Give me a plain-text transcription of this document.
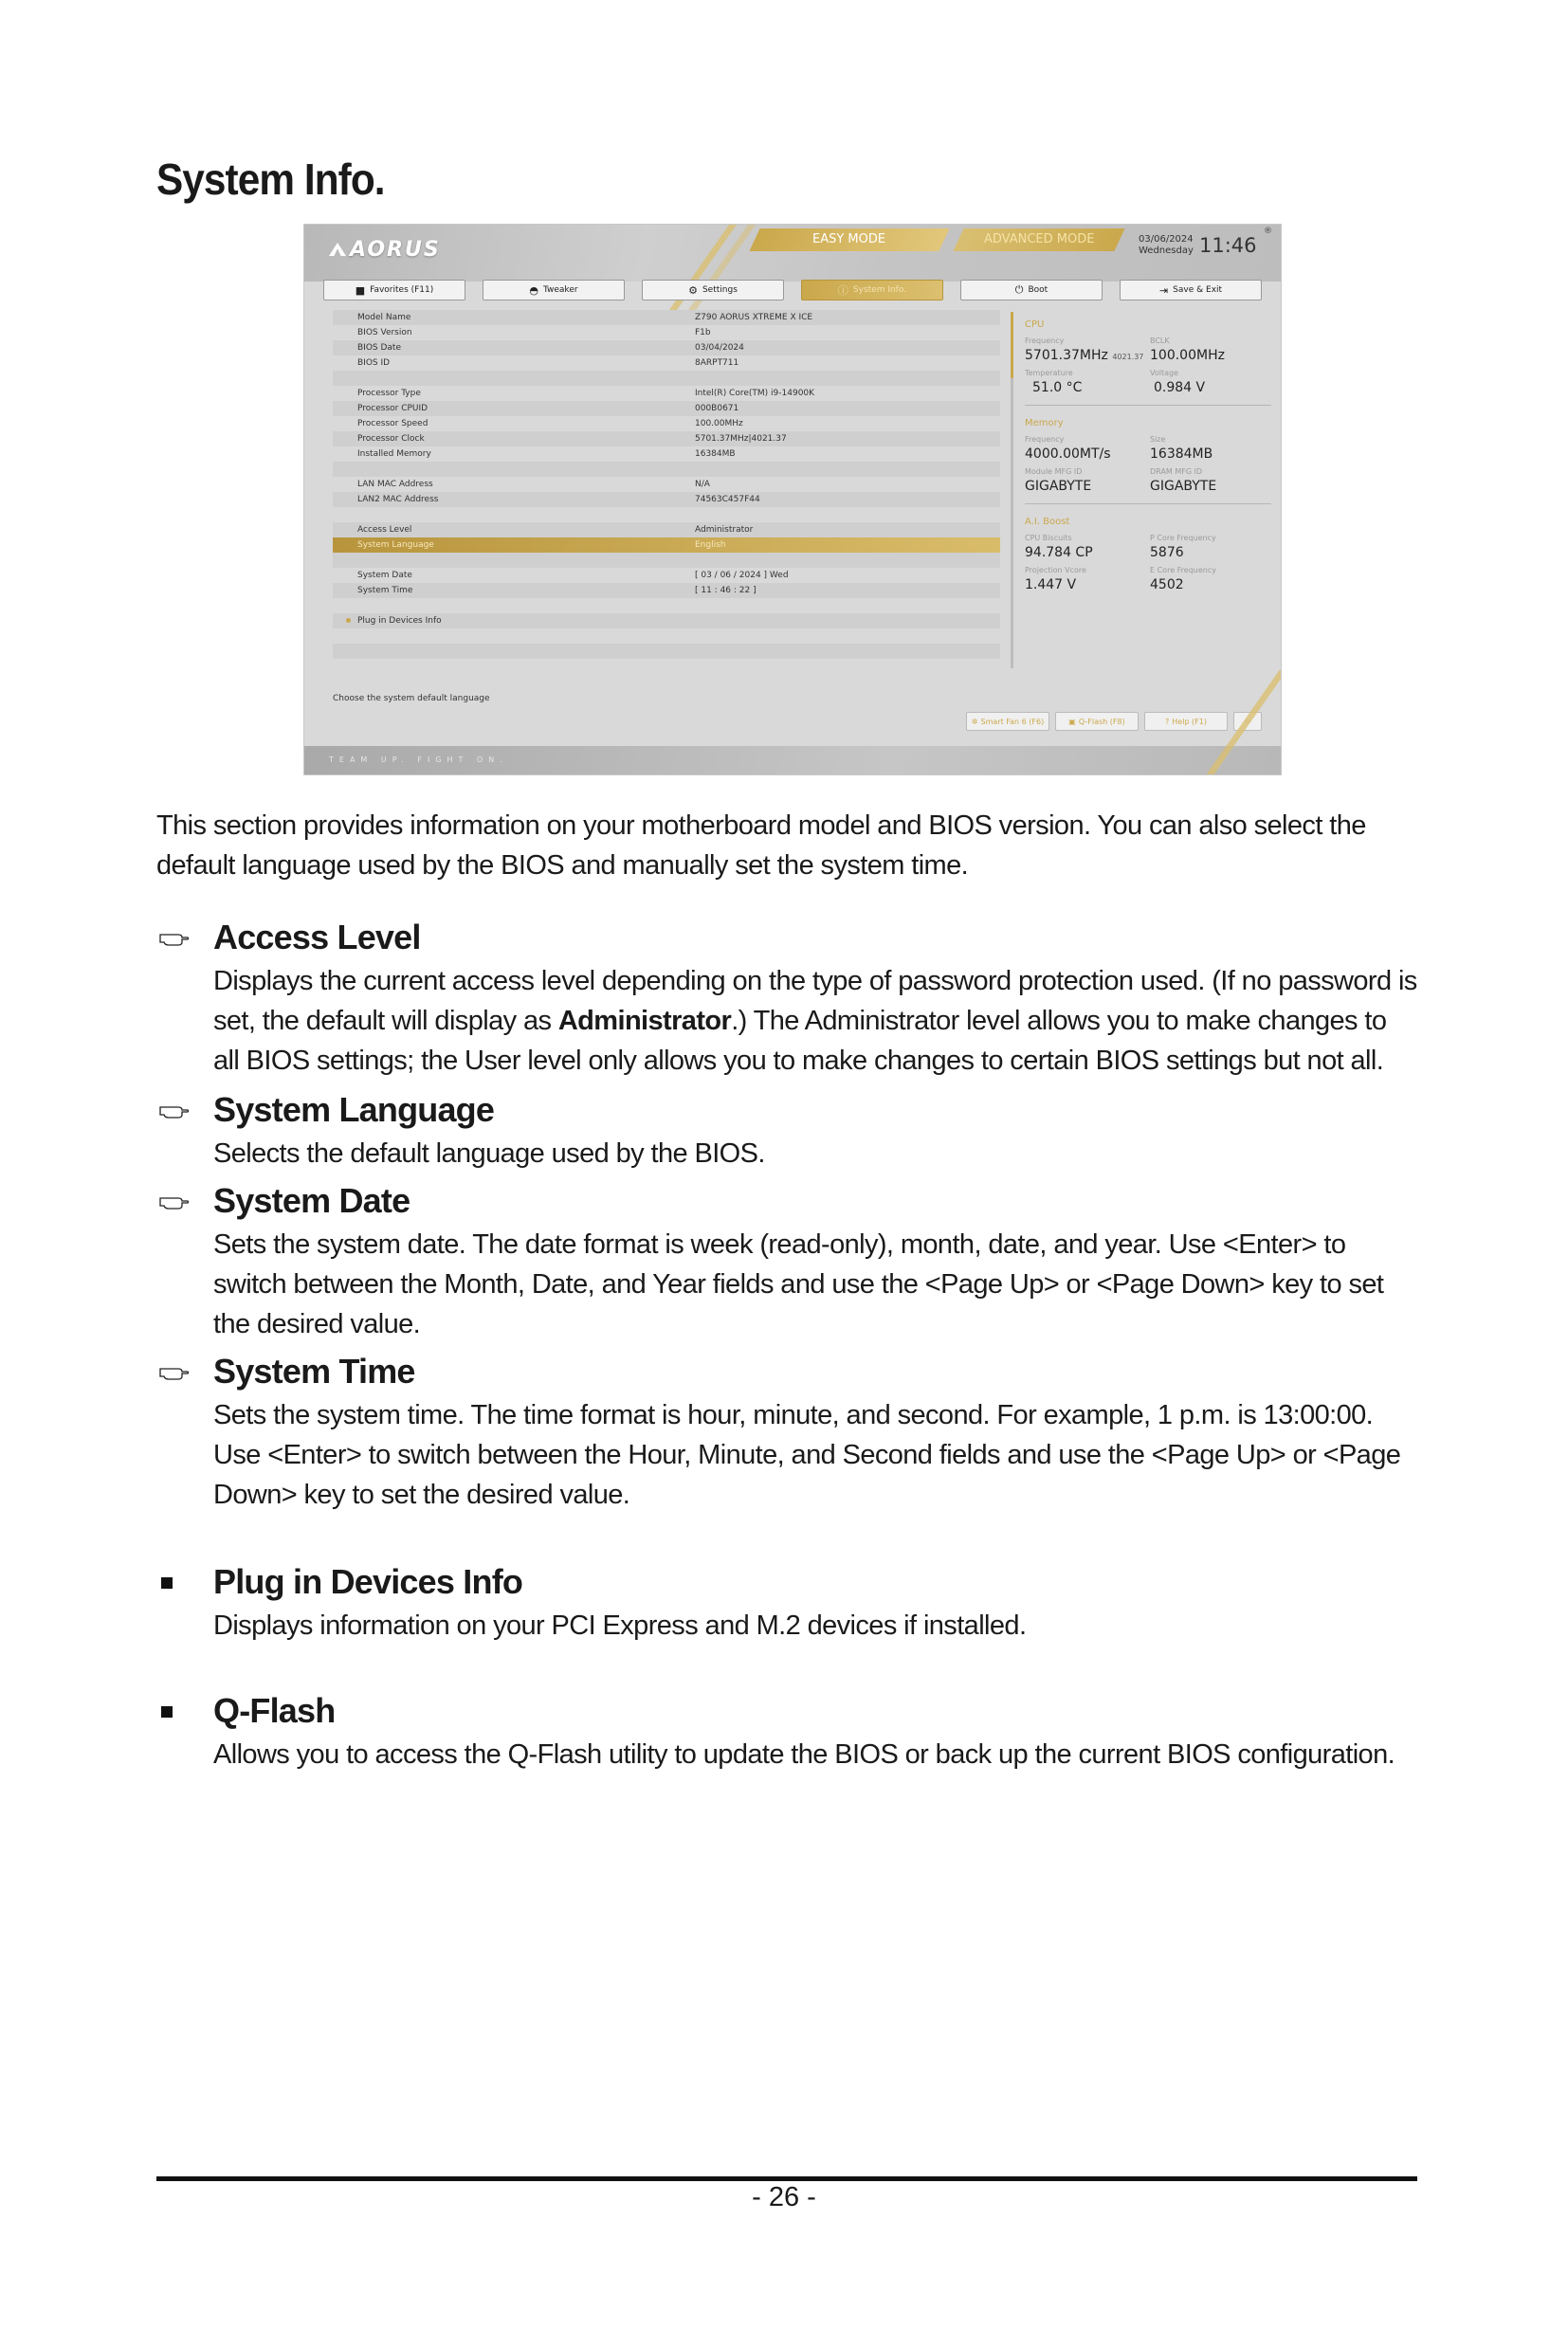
System Info.
AORUS	EASY MODE	ADVANCED MODE	03/06/2024
Wednesday 11:46
®
■ Favorites (F11)	◓ Tweaker	⚙ Settings	ⓘ System Info.	⏻ Boot	⇥ Save & Exit
Model Name	Z790 AORUS XTREME X ICE
BIOS Version	F1b
BIOS Date	03/04/2024
BIOS ID	8ARPT711
Processor Type	Intel(R) Core(TM) i9-14900K
Processor CPUID	000B0671
Processor Speed	100.00MHz
Processor Clock	5701.37MHz|4021.37
Installed Memory	16384MB
LAN MAC Address	N/A
LAN2 MAC Address	74563C457F44
Access Level	Administrator
System Language	English
System Date	[ 03 / 06 / 2024 ] Wed
System Time	[ 11 : 46 : 22 ]
Plug in Devices Info
Choose the system default language
CPU
Frequency
5701.37MHz 4021.37
BCLK
100.00MHz
Temperature
51.0 °C
Voltage
0.984 V
Memory
Frequency
4000.00MT/s
Size
16384MB
Module MFG ID
GIGABYTE
DRAM MFG ID
GIGABYTE
A.I. Boost
CPU Biscuits
94.784 CP
P Core Frequency
5876
Projection Vcore
1.447 V
E Core Frequency
4502
✲ Smart Fan 6 (F6)	▣ Q-Flash (F8)	? Help (F1)
TEAM UP. FIGHT ON.
This section provides information on your motherboard model and BIOS version. You can also select the default language used by the BIOS and manually set the system time.
Access Level
Displays the current access level depending on the type of password protection used. (If no password is set, the default will display as Administrator.) The Administrator level allows you to make changes to all BIOS settings; the User level only allows you to make changes to certain BIOS settings but not all.
System Language
Selects the default language used by the BIOS.
System Date
Sets the system date. The date format is week (read-only), month, date, and year. Use <Enter> to switch between the Month, Date, and Year fields and use the <Page Up> or <Page Down> key to set the desired value.
System Time
Sets the system time. The time format is hour, minute, and second. For example, 1 p.m. is 13:00:00. Use <Enter> to switch between the Hour, Minute, and Second fields and use the <Page Up> or <Page Down> key to set the desired value.
Plug in Devices Info
Displays information on your PCI Express and M.2 devices if installed.
Q-Flash
Allows you to access the Q-Flash utility to update the BIOS or back up the current BIOS configuration.
- 26 -
